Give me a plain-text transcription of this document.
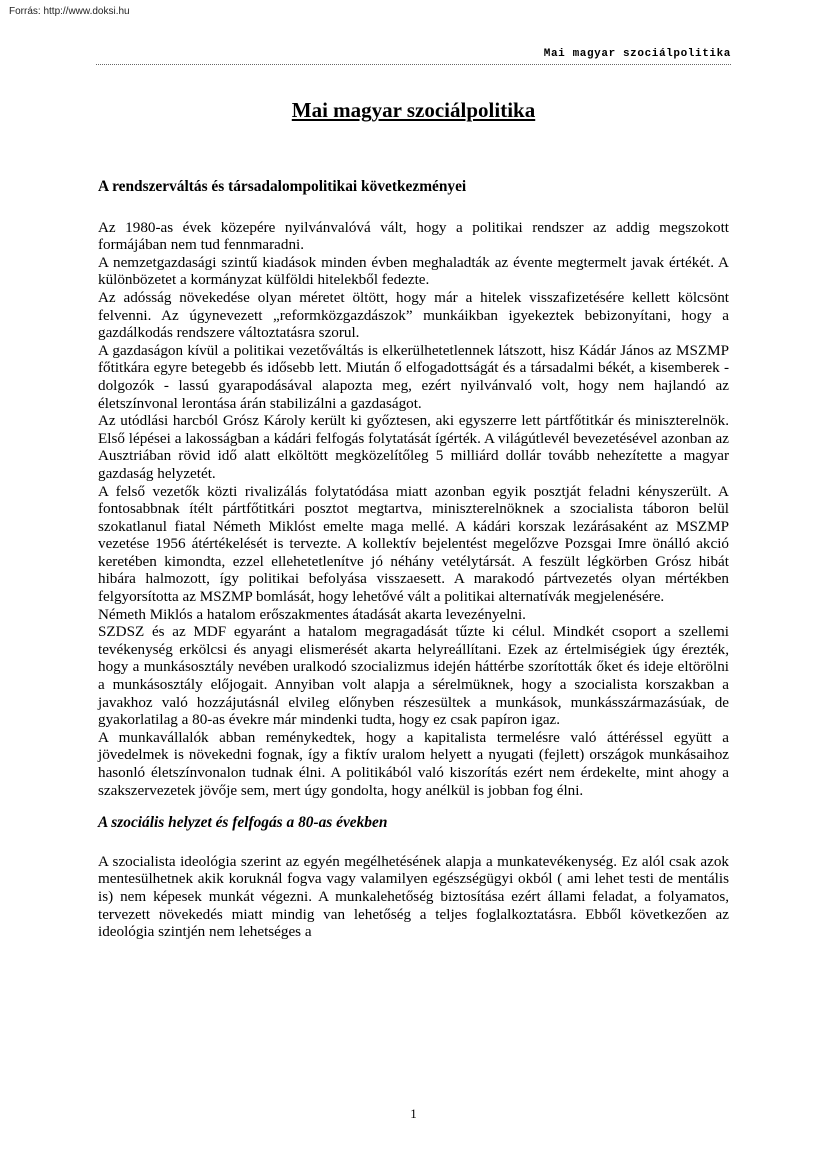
Forrás: http://www.doksi.hu
Mai magyar szociálpolitika
Mai magyar szociálpolitika
A rendszerváltás és társadalompolitikai következményei

Az 1980-as évek közepére nyilvánvalóvá vált, hogy a politikai rendszer az addig megszokott formájában nem tud fennmaradni.

A nemzetgazdasági szintű kiadások minden évben meghaladták az évente megtermelt javak értékét. A különbözetet a kormányzat külföldi hitelekből fedezte.

Az adósság növekedése olyan méretet öltött, hogy már a hitelek visszafizetésére kellett kölcsönt felvenni. Az úgynevezett „reformközgazdászok” munkáikban igyekeztek bebizonyítani, hogy a gazdálkodás rendszere változtatásra szorul.

A gazdaságon kívül a politikai vezetőváltás is elkerülhetetlennek látszott, hisz Kádár János az MSZMP főtitkára egyre betegebb és idősebb lett. Miután ő elfogadottságát és a társadalmi békét, a kisemberek - dolgozók - lassú gyarapodásával alapozta meg, ezért nyilvánvaló volt, hogy nem hajlandó az életszínvonal lerontása árán stabilizálni a gazdaságot.

Az utódlási harcból Grósz Károly került ki győztesen, aki egyszerre lett pártfőtitkár és miniszterelnök. Első lépései a lakosságban a kádári felfogás folytatását ígérték. A világútlevél bevezetésével azonban az Ausztriában rövid idő alatt elköltött megközelítőleg 5 milliárd dollár tovább nehezítette a magyar gazdaság helyzetét.

A felső vezetők közti rivalizálás folytatódása miatt azonban egyik posztját feladni kényszerült. A fontosabbnak ítélt pártfőtitkári posztot megtartva, miniszterelnöknek a szocialista táboron belül szokatlanul fiatal Németh Miklóst emelte maga mellé. A kádári korszak lezárásaként az MSZMP vezetése 1956 átértékelését is tervezte. A kollektív bejelentést megelőzve Pozsgai Imre önálló akció keretében kimondta, ezzel ellehetetlenítve jó néhány vetélytársát. A feszült légkörben Grósz hibát hibára halmozott, így politikai befolyása visszaesett. A marakodó pártvezetés olyan mértékben felgyorsította az MSZMP bomlását, hogy lehetővé vált a politikai alternatívák megjelenésére.

Németh Miklós a hatalom erőszakmentes átadását akarta levezényelni.

SZDSZ és az MDF egyaránt a hatalom megragadását tűzte ki célul. Mindkét csoport a szellemi tevékenység erkölcsi és anyagi elismerését akarta helyreállítani. Ezek az értelmiségiek úgy érezték, hogy a munkásosztály nevében uralkodó szocializmus idején háttérbe szorították őket és ideje eltörölni a munkásosztály előjogait. Annyiban volt alapja a sérelmüknek, hogy a szocialista korszakban a javakhoz való hozzájutásnál elvileg előnyben részesültek a munkások, munkásszármazásúak, de gyakorlatilag a 80-as évekre már mindenki tudta, hogy ez csak papíron igaz.

A munkavállalók abban reménykedtek, hogy a kapitalista termelésre való áttéréssel együtt a jövedelmek is növekedni fognak, így a fiktív uralom helyett a nyugati (fejlett) országok munkásaihoz hasonló életszínvonalon tudnak élni. A politikából való kiszorítás ezért nem érdekelte, mint ahogy a szakszervezetek jövője sem, mert úgy gondolta, hogy anélkül is jobban fog élni.

A szociális helyzet és felfogás a 80-as években

A szocialista ideológia szerint az egyén megélhetésének alapja a munkatevékenység. Ez alól csak azok mentesülhetnek akik koruknál fogva vagy valamilyen egészségügyi okból ( ami lehet testi de mentális is) nem képesek munkát végezni. A munkalehetőség biztosítása ezért állami feladat, a folyamatos, tervezett növekedés miatt mindig van lehetőség a teljes foglalkoztatásra. Ebből következően az ideológia szintjén nem lehetséges a

1
